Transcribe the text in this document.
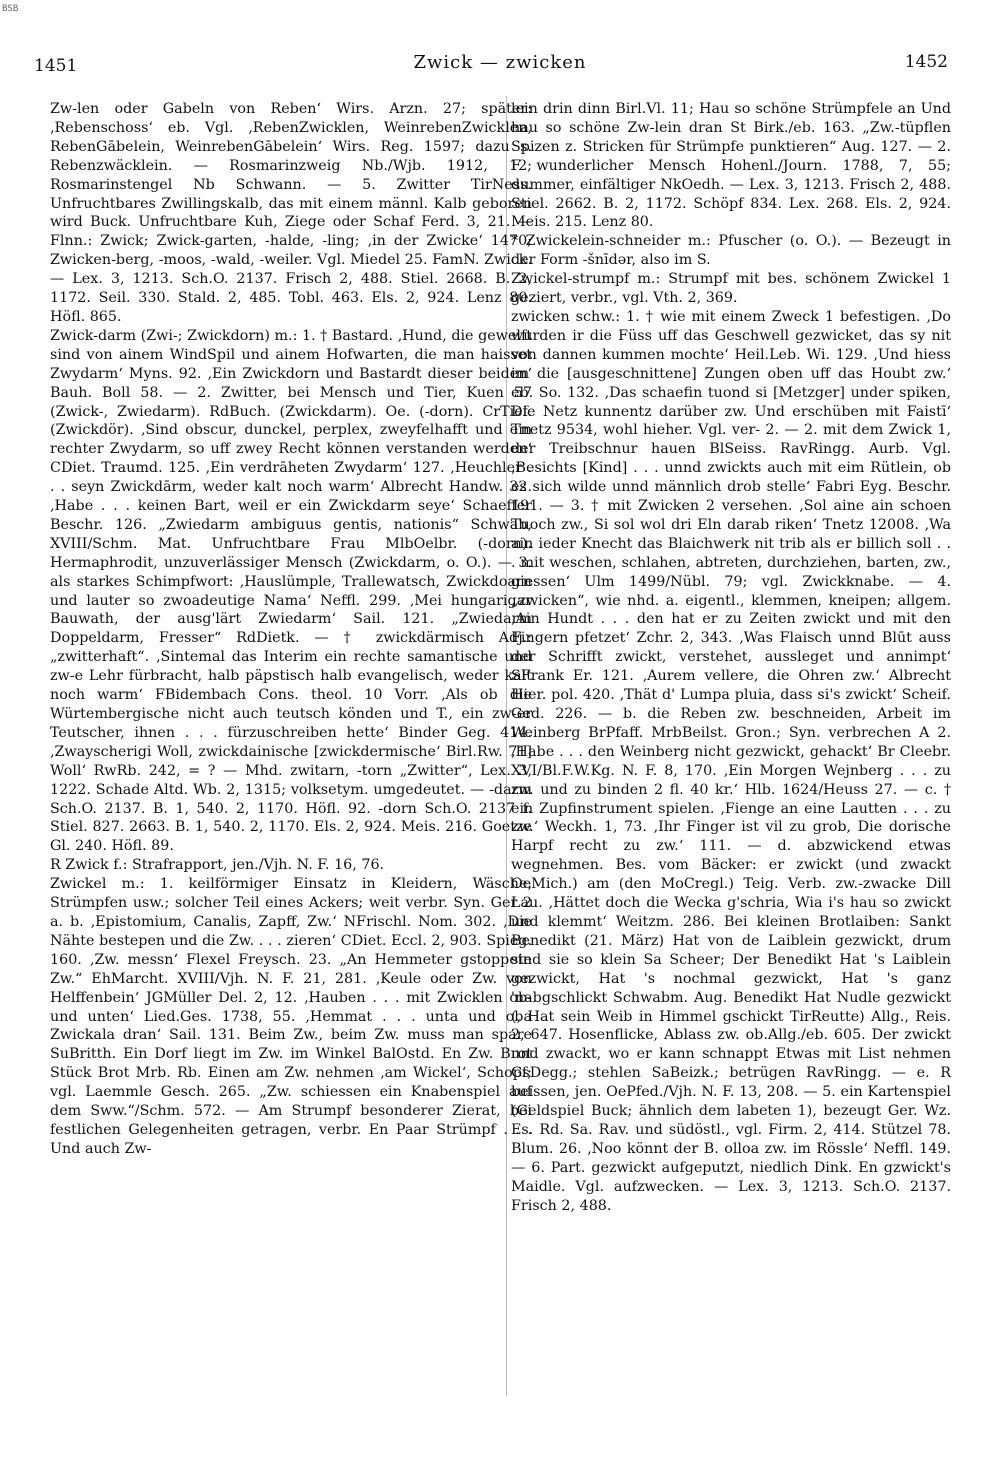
BSB
1451	Zwick — zwicken	1452

Zw-len oder Gabeln von Reben‘ Wirs. Arzn. 27; später: ‚Rebenschoss‘ eb. Vgl. ‚RebenZwicklen, WeinrebenZwicklen, RebenGābelein, WeinrebenGābelein‘ Wirs. Reg. 1597; dazu s. Rebenzwäcklein. — Rosmarinzweig Nb./Wjb. 1912, 12; Rosmarinstengel Nb Schwann. — 5. Zwitter TirNess. Unfruchtbares Zwillingskalb, das mit einem männl. Kalb geboren wird Buck. Unfruchtbare Kuh, Ziege oder Schaf Ferd. 3, 21. — Flnn.: Zwick; Zwick-garten, -halde, -ling; ‚in der Zwicke‘ 1470; Zwicken-berg, -moos, -wald, -weiler. Vgl. Miedel 25. FamN. Zwick. — Lex. 3, 1213. Sch.O. 2137. Frisch 2, 488. Stiel. 2668. B. 2, 1172. Seil. 330. Stald. 2, 485. Tobl. 463. Els. 2, 924. Lenz 80. Höfl. 865.

Zwick-darm (Zwi-; Zwickdorn) m.: 1. † Bastard. ‚Hund, die gewelft sind von ainem WindSpil und ainem Hofwarten, die man haisset Zwydarm‘ Myns. 92. ‚Ein Zwickdorn und Bastardt dieser beiden‘ Bauh. Boll 58. — 2. Zwitter, bei Mensch und Tier, Kuen 57 (Zwick-, Zwiedarm). RdBuch. (Zwickdarm). Oe. (-dorn). CrTief. (Zwickdör). ‚Sind obscur, dunckel, perplex, zweyfelhafft und ein rechter Zwydarm, so uff zwey Recht können verstanden werden‘ CDiet. Traumd. 125. ‚Ein verdrāheten Zwydarm‘ 127. ‚Heuchler . . . seyn Zwickdārm, weder kalt noch warm‘ Albrecht Handw. 32. ‚Habe . . . keinen Bart, weil er ein Zwickdarm seye‘ Schaeffer Beschr. 126. „Zwiedarm ambiguus gentis, nationis“ Schwab, XVIII/Schm. Mat. Unfruchtbare Frau MlbOelbr. (-dorn). Hermaphrodit, unzuverlässiger Mensch (Zwickdarm, o. O.). — 3. als starkes Schimpfwort: ‚Hauslümple, Trallewatsch, Zwickdoarn und lauter so zwoadeutige Nama‘ Neffl. 299. ‚Mei hungarigar Bauwath, der ausg'lärt Zwiedarm‘ Sail. 121. „Zwiedarm Doppeldarm, Fresser“ RdDietk. — † zwickdärmisch Adj.: „zwitterhaft“. ‚Sintemal das Interim ein rechte samantische und zw-e Lehr fürbracht, halb päpstisch halb evangelisch, weder kalt noch warm‘ FBidembach Cons. theol. 10 Vorr. ‚Als ob die Würtembergische nicht auch teutsch könden und T., ein zw-er Teutscher, ihnen . . . fürzuschreiben hette‘ Binder Geg. 414. ‚Zwayscherigi Woll, zwickdainische [zwickdermische‘ Birl.Rw. 71] Woll‘ RwRb. 242, = ? — Mhd. zwitarn, -torn „Zwitter“, Lex. 3, 1222. Schade Altd. Wb. 2, 1315; volksetym. umgedeutet. — -darm Sch.O. 2137. B. 1, 540. 2, 1170. Höfl. 92. -dorn Sch.O. 2137 f. Stiel. 827. 2663. B. 1, 540. 2, 1170. Els. 2, 924. Meis. 216. Goetze Gl. 240. Höfl. 89.

R Zwick f.: Strafrapport, jen./Vjh. N. F. 16, 76.

Zwickel m.: 1. keilförmiger Einsatz in Kleidern, Wäsche, Strümpfen usw.; solcher Teil eines Ackers; weit verbr. Syn. Ger 2 a. b. ‚Epistomium, Canalis, Zapff, Zw.‘ NFrischl. Nom. 302. ‚Die Nähte bestepen und die Zw. . . . zieren‘ CDiet. Eccl. 2, 903. Spieg. 160. ‚Zw. messn‘ Flexel Freysch. 23. „An Hemmeter gstoppete Zw.“ EhMarcht. XVIII/Vjh. N. F. 21, 281. ‚Keule oder Zw. von Helffenbein‘ JGMüller Del. 2, 12. ‚Hauben . . . mit Zwicklen ob- und unten‘ Lied.Ges. 1738, 55. ‚Hemmat . . . unta und oba Zwickala dran‘ Sail. 131. Beim Zw., beim Zw. muss man spare SuBritth. Ein Dorf liegt im Zw. im Winkel BalOstd. En Zw. Brot Stück Brot Mrb. Rb. Einen am Zw. nehmen ‚am Wickel‘, Schopf; vgl. Laemmle Gesch. 265. „Zw. schiessen ein Knabenspiel auf dem Sww.“/Schm. 572. — Am Strumpf besonderer Zierat, bei festlichen Gelegenheiten getragen, verbr. En Paar Strümpf . . . Und auch Zw-

lein drin dinn Birl.Vl. 11; Hau so schöne Strümpfele an Und hau so schöne Zw-lein dran St Birk./eb. 163. „Zw.-tüpflen Spizen z. Stricken für Strümpfe punktieren“ Aug. 127. — 2. F wunderlicher Mensch Hohenl./Journ. 1788, 7, 55; dummer, einfältiger NkOedh. — Lex. 3, 1213. Frisch 2, 488. Stiel. 2662. B. 2, 1172. Schöpf 834. Lex. 268. Els. 2, 924. Meis. 215. Lenz 80.

* Zwickelein-schneider m.: Pfuscher (o. O.). — Bezeugt in der Form -šnīdər, also im S.

Zwickel-strumpf m.: Strumpf mit bes. schönem Zwickel 1 geziert, verbr., vgl. Vth. 2, 369.

zwicken schw.: 1. † wie mit einem Zweck 1 befestigen. ‚Do wurden ir die Füss uff das Geschwell gezwicket, das sy nit von dannen kummen mochte‘ Heil.Leb. Wi. 129. ‚Und hiess im die [ausgeschnittene] Zungen oben uff das Houbt zw.‘ eb. So. 132. ‚Das schaefin tuond si [Metzger] under spiken, Die Netz kunnentz darüber zw. Und erschüben mit Faistī‘ Tnetz 9534, wohl hieher. Vgl. ver- 2. — 2. mit dem Zwick 1, der Treibschnur hauen BlSeiss. RavRingg. Aurb. Vgl. ‚Besichts [Kind] . . . unnd zwickts auch mit eim Rütlein, ob es sich wilde unnd männlich drob stelle‘ Fabri Eyg. Beschr. 191. — 3. † mit Zwicken 2 versehen. ‚Sol aine ain schoen Tuoch zw., Si sol wol dri Eln darab riken‘ Tnetz 12008. ‚Wa ain ieder Knecht das Blaichwerk nit trib als er billich soll . . . mit weschen, schlahen, abtreten, durchziehen, barten, zw., giessen‘ Ulm 1499/Nübl. 79; vgl. Zwickknabe. — 4. „zwicken“, wie nhd. a. eigentl., klemmen, kneipen; allgem. ‚Ain Hundt . . . den hat er zu Zeiten zwickt und mit den Fingern pfetzet‘ Zchr. 2, 343. ‚Was Flaisch unnd Blūt auss der Schrifft zwickt, verstehet, aussleget und annimpt‘ SFrank Er. 121. ‚Aurem vellere, die Ohren zw.‘ Albrecht Hier. pol. 420. ‚Thät d' Lumpa pluia, dass si's zwickt‘ Scheif. Ged. 226. — b. die Reben zw. beschneiden, Arbeit im Weinberg BrPfaff. MrbBeilst. Gron.; Syn. verbrechen A 2. ‚Habe . . . den Weinberg nicht gezwickt, gehackt‘ Br Cleebr. XVI/Bl.F.W.Kg. N. F. 8, 170. ‚Ein Morgen Wejnberg . . . zu zw. und zu binden 2 fl. 40 kr.‘ Hlb. 1624/Heuss 27. — c. † ein Zupfinstrument spielen. ‚Fienge an eine Lautten . . . zu zw.‘ Weckh. 1, 73. ‚Ihr Finger ist vil zu grob, Die dorische Harpf recht zu zw.‘ 111. — d. abzwickend etwas wegnehmen. Bes. vom Bäcker: er zwickt (und zwackt OeMich.) am (den MoCregl.) Teig. Verb. zw.-zwacke Dill Lau. ‚Hättet doch die Wecka g'schria, Wia i's hau so zwickt und klemmt‘ Weitzm. 286. Bei kleinen Brotlaiben: Sankt Benedikt (21. März) Hat von de Laiblein gezwickt, drum sind sie so klein Sa Scheer; Der Benedikt Hat 's Laiblein gezwickt, Hat 's nochmal gezwickt, Hat 's ganz 'nabgschlickt Schwabm. Aug. Benedikt Hat Nudle gezwickt (, Hat sein Weib in Himmel gschickt TirReutte) Allg., Reis. 2, 647. Hosenflicke, Ablass zw. ob.Allg./eb. 605. Der zwickt und zwackt, wo er kann schnappt Etwas mit List nehmen GsDegg.; stehlen SaBeizk.; betrügen RavRingg. — e. R beissen, jen. OePfed./Vjh. N. F. 13, 208. — 5. ein Kartenspiel (Geldspiel Buck; ähnlich dem labeten 1), bezeugt Ger. Wz. Es. Rd. Sa. Rav. und südöstl., vgl. Firm. 2, 414. Stützel 78. Blum. 26. ‚Noo könnt der B. olloa zw. im Rössle‘ Neffl. 149. — 6. Part. gezwickt aufgeputzt, niedlich Dink. En gzwickt's Maidle. Vgl. aufzwecken. — Lex. 3, 1213. Sch.O. 2137. Frisch 2, 488.
